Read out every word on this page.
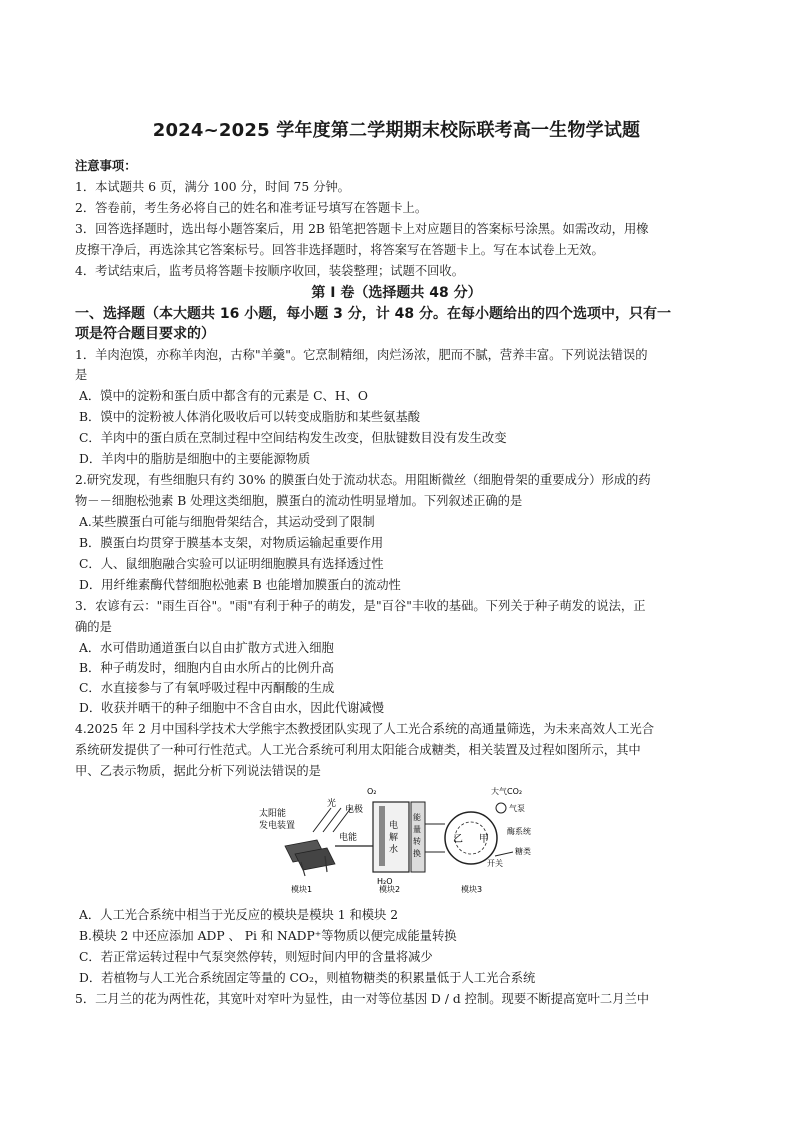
2024~2025 学年度第二学期期末校际联考高一生物学试题
注意事项：
1．本试题共 6 页，满分 100 分，时间 75 分钟。
2．答卷前，考生务必将自己的姓名和准考证号填写在答题卡上。
3．回答选择题时，选出每小题答案后，用 2B 铅笔把答题卡上对应题目的答案标号涂黑。如需改动，用橡
皮擦干净后，再选涂其它答案标号。回答非选择题时，将答案写在答题卡上。写在本试卷上无效。
4．考试结束后，监考员将答题卡按顺序收回，装袋整理；试题不回收。
第 Ⅰ 卷（选择题共 48 分）
一、选择题（本大题共 16 小题，每小题 3 分，计 48 分。在每小题给出的四个选项中，只有一
项是符合题目要求的）
1．羊肉泡馍，亦称羊肉泡，古称"羊羹"。它烹制精细，肉烂汤浓，肥而不腻，营养丰富。下列说法错误的
是
A．馍中的淀粉和蛋白质中都含有的元素是 C、H、O
B．馍中的淀粉被人体消化吸收后可以转变成脂肪和某些氨基酸
C．羊肉中的蛋白质在烹制过程中空间结构发生改变，但肽键数目没有发生改变
D．羊肉中的脂肪是细胞中的主要能源物质
2.研究发现，有些细胞只有约 30% 的膜蛋白处于流动状态。用阻断微丝（细胞骨架的重要成分）形成的药
物－－细胞松弛素 B 处理这类细胞，膜蛋白的流动性明显增加。下列叙述正确的是
A.某些膜蛋白可能与细胞骨架结合，其运动受到了限制
B．膜蛋白均贯穿于膜基本支架，对物质运输起重要作用
C．人、鼠细胞融合实验可以证明细胞膜具有选择透过性
D．用纤维素酶代替细胞松弛素 B 也能增加膜蛋白的流动性
3．农谚有云："雨生百谷"。"雨"有利于种子的萌发，是"百谷"丰收的基础。下列关于种子萌发的说法，正
确的是
A．水可借助通道蛋白以自由扩散方式进入细胞
B．种子萌发时，细胞内自由水所占的比例升高
C．水直接参与了有氧呼吸过程中丙酮酸的生成
D．收获并晒干的种子细胞中不含自由水，因此代谢减慢
4.2025 年 2 月中国科学技术大学熊宇杰教授团队实现了人工光合系统的高通量筛选，为未来高效人工光合
系统研发提供了一种可行性范式。人工光合系统可利用太阳能合成糖类，相关装置及过程如图所示，其中
甲、乙表示物质，据此分析下列说法错误的是
太阳能
发电装置
光
电能
电极
O₂
电
解
水
H₂O
能
量
转
换
乙 甲
大气CO₂
气泵
酶系统
糖类
开关
模块1	模块2	模块3
A．人工光合系统中相当于光反应的模块是模块 1 和模块 2
B.模块 2 中还应添加 ADP 、 Pi 和 NADP⁺等物质以便完成能量转换
C．若正常运转过程中气泵突然停转，则短时间内甲的含量将减少
D．若植物与人工光合系统固定等量的 CO₂，则植物糖类的积累量低于人工光合系统
5．二月兰的花为两性花，其宽叶对窄叶为显性，由一对等位基因 D / d 控制。现要不断提高宽叶二月兰中
